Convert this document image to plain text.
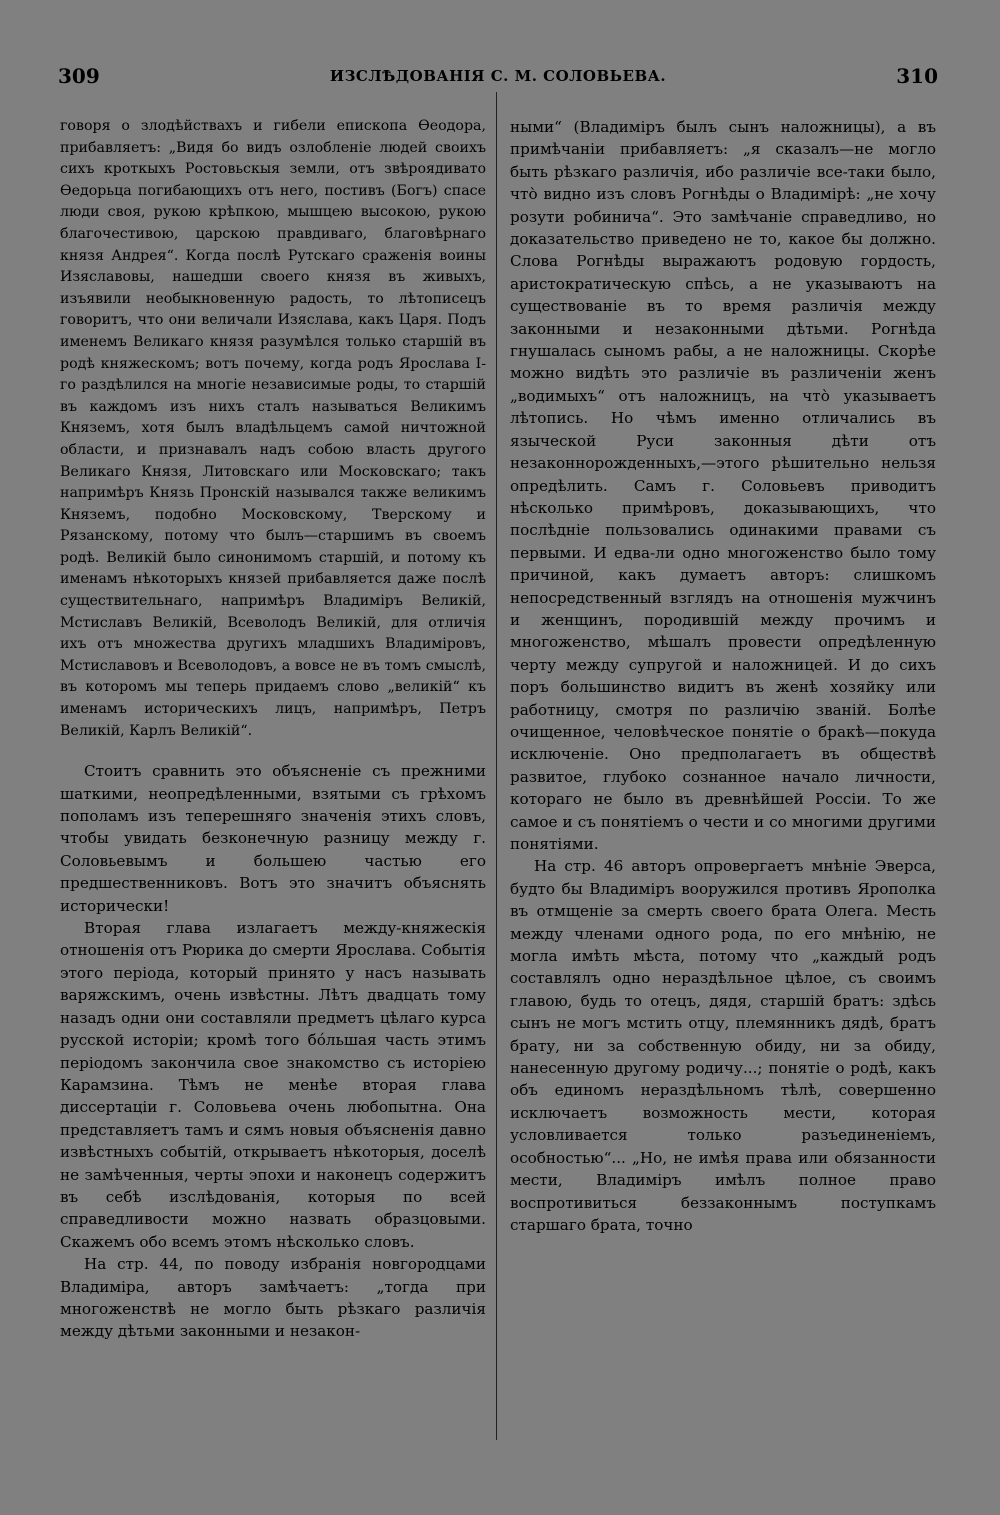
309	ИЗСЛѢДОВАНІЯ С. М. СОЛОВЬЕВА.	310

говоря о злодѣйствахъ и гибели епископа Ѳеодора, прибавляетъ: „Видя бо видъ озлобленіе людей своихъ сихъ кроткыхъ Ростовьскыя земли, отъ звѣроядивато Ѳедорьца погибающихъ отъ него, постивъ (Богъ) спасе люди своя, рукою крѣпкою, мышцею высокою, рукою благочестивою, царскою правдиваго, благовѣрнаго князя Андрея“. Когда послѣ Рутскаго сраженія воины Изяславовы, нашедши своего князя въ живыхъ, изъявили необыкновенную радость, то лѣтописецъ говоритъ, что они величали Изяслава, какъ Царя. Подъ именемъ Великаго князя разумѣлся только старшій въ родѣ княжескомъ; вотъ почему, когда родъ Ярослава I-го раздѣлился на многіе независимые роды, то старшій въ каждомъ изъ нихъ сталъ называться Великимъ Княземъ, хотя былъ владѣльцемъ самой ничтожной области, и признавалъ надъ собою власть другого Великаго Князя, Литовскаго или Московскаго; такъ напримѣръ Князь Пронскій назывался также великимъ Княземъ, подобно Московскому, Тверскому и Рязанскому, потому что былъ—старшимъ въ своемъ родѣ. Великій было синонимомъ старшій, и потому къ именамъ нѣкоторыхъ князей прибавляется даже послѣ существительнаго, напримѣръ Владиміръ Великій, Мстиславъ Великій, Всеволодъ Великій, для отличія ихъ отъ множества другихъ младшихъ Владиміровъ, Мстиславовъ и Всеволодовъ, а вовсе не въ томъ смыслѣ, въ которомъ мы теперь придаемъ слово „великій“ къ именамъ историческихъ лицъ, напримѣръ, Петръ Великій, Карлъ Великій“.

Стоитъ сравнить это объясненіе съ прежними шаткими, неопредѣленными, взятыми съ грѣхомъ пополамъ изъ теперешняго значенія этихъ словъ, чтобы увидать безконечную разницу между г. Соловьевымъ и большею частью его предшественниковъ. Вотъ это значитъ объяснять исторически!

Вторая глава излагаетъ между-княжескія отношенія отъ Рюрика до смерти Ярослава. Событія этого періода, который принято у насъ называть варяжскимъ, очень извѣстны. Лѣтъ двадцать тому назадъ одни они составляли предметъ цѣлаго курса русской исторіи; кромѣ того бо́льшая часть этимъ періодомъ закончила свое знакомство съ исторіею Карамзина. Тѣмъ не менѣе вторая глава диссертаціи г. Соловьева очень любопытна. Она представляетъ тамъ и сямъ новыя объясненія давно извѣстныхъ событій, открываетъ нѣкоторыя, доселѣ не замѣченныя, черты эпохи и наконецъ содержитъ въ себѣ изслѣдованія, которыя по всей справедливости можно назвать образцовыми. Скажемъ обо всемъ этомъ нѣсколько словъ.

На стр. 44, по поводу избранія новгородцами Владиміра, авторъ замѣчаетъ: „тогда при многоженствѣ не могло быть рѣзкаго различія между дѣтьми законными и незакон-

ными“ (Владиміръ былъ сынъ наложницы), а въ примѣчаніи прибавляетъ: „я сказалъ—не могло быть рѣзкаго различія, ибо различіе все-таки было, что̀ видно изъ словъ Рогнѣды о Владимірѣ: „не хочу розути робинича“. Это замѣчаніе справедливо, но доказательство приведено не то, какое бы должно. Слова Рогнѣды выражаютъ родовую гордость, аристократическую спѣсь, а не указываютъ на существованіе въ то время различія между законными и незаконными дѣтьми. Рогнѣда гнушалась сыномъ рабы, а не наложницы. Скорѣе можно видѣть это различіе въ различеніи женъ „водимыхъ“ отъ наложницъ, на что̀ указываетъ лѣтопись. Но чѣмъ именно отличались въ языческой Руси законныя дѣти отъ незаконнорожденныхъ,—этого рѣшительно нельзя опредѣлить. Самъ г. Соловьевъ приводитъ нѣсколько примѣровъ, доказывающихъ, что послѣдніе пользовались одинакими правами съ первыми. И едва-ли одно многоженство было тому причиной, какъ думаетъ авторъ: слишкомъ непосредственный взглядъ на отношенія мужчинъ и женщинъ, породившій между прочимъ и многоженство, мѣшалъ провести опредѣленную черту между супругой и наложницей. И до сихъ поръ большинство видитъ въ женѣ хозяйку или работницу, смотря по различію званій. Болѣе очищенное, человѣческое понятіе о бракѣ—покуда исключеніе. Оно предполагаетъ въ обществѣ развитое, глубоко сознанное начало личности, котораго не было въ древнѣйшей Россіи. То же самое и съ понятіемъ о чести и со многими другими понятіями.

На стр. 46 авторъ опровергаетъ мнѣніе Эверса, будто бы Владиміръ вооружился противъ Ярополка въ отмщеніе за смерть своего брата Олега. Месть между членами одного рода, по его мнѣнію, не могла имѣть мѣста, потому что „каждый родъ составлялъ одно нераздѣльное цѣлое, съ своимъ главою, будь то отецъ, дядя, старшій братъ: здѣсь сынъ не могъ мстить отцу, племянникъ дядѣ, братъ брату, ни за собственную обиду, ни за обиду, нанесенную другому родичу...; понятіе о родѣ, какъ объ единомъ нераздѣльномъ тѣлѣ, совершенно исключаетъ возможность мести, которая условливается только разъединеніемъ, особностью“... „Но, не имѣя права или обязанности мести, Владиміръ имѣлъ полное право воспротивиться беззаконнымъ поступкамъ старшаго брата, точно
